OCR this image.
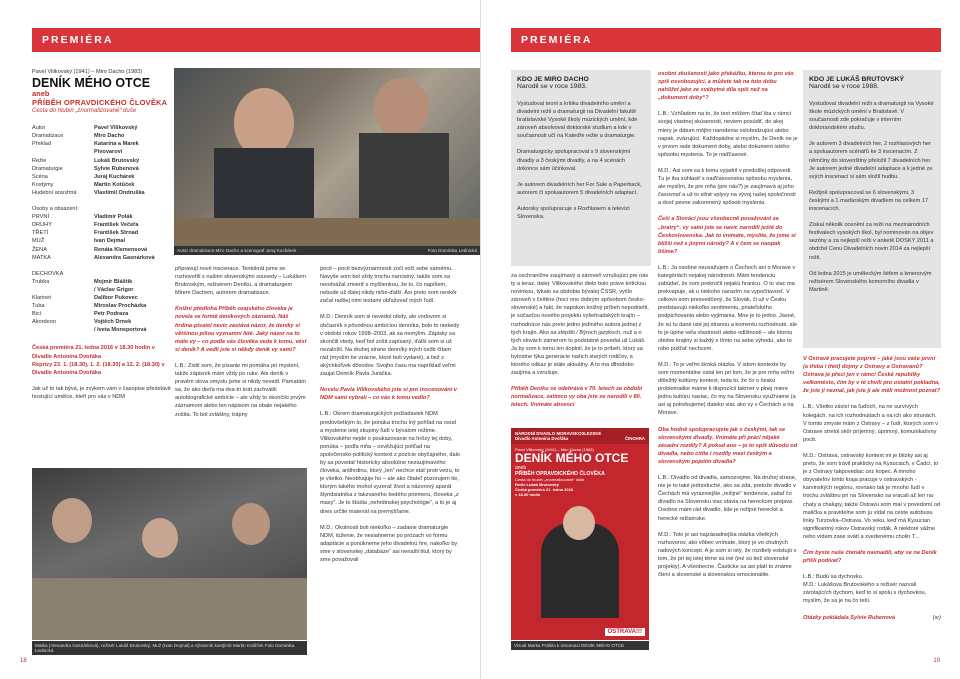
PREMIÉRA
Pavel Vilikovský (1941) – Miro Dacho (1983)
DENÍK MÉHO OTCE
aneb
PŘÍBĚH OPRAVDICKÉHO ČLOVĚKA
Cesta do hlubin „znormalizované“ duše
Autor	Pavel Vilikovský
Dramatizace	Miro Dacho
Překlad	Katarína a Marek
Pivovarovi
Režie	Lukáš Brutovský
Dramaturgie	Sylvie Rubenová
Scéna	Juraj Kuchárek
Kostýmy	Martin Kotůček
Hudební aranžmá	Vlastimil Ondruška
Osoby a obsazení:
PRVNÍ	Vladimír Polák
DRUHÝ	František Večeřa
TŘETÍ	František Strnad
MUŽ	Ivan Dejmal
ŽENA	Renáta Klemensová
MATKA	Alexandra Gasnárková
DECHOVKA
Trubka	Mojmír Bláštík
/ Václav Grigor
Klarinet	Dalibor Pukovec
Tuba	Miroslav Procházka
Bicí	Petr Podraza
Akordeon	Vojtěch Drnek
/ Iveta Monsportová
Česká premiéra 21. ledna 2016 v 18.30 hodin v Divadle Antonína Dvořáka
Reprízy 23. 1. (18.30), 1. 2. (18.30) a 12. 2. (18.30) v Divadle Antonína Dvořáka
Jak už to tak bývá, je zvykem vám v časopise představit hostující umělce, kteří pro vás v NDM
Autor dramatizace Miro Dacho a scenograf Juraj Kuchárek	Foto Dominika Lednická

připravují nové inscenace. Tentokrát jsme se rozhovořili s našimi slovenskými sousedy – Lukášem Brutovským, režisérem Deníku, a dramaturgem Mirem Dachem, autorem dramatizace.

Knižní předloha Příběh ozajského človeka je novela ve formě deníkových záznamů. Náš hrdina-pisatel nevic zastává názor, že deníky si většinou píšou významní lidé. Jaký názor na to máte vy – co podle vás člověka vede k tomu, vést si deník? A vedli jste si někdy deník vy sami?

L.B.: Zistil som, že písanie mi pomáha pri myslení, takže zápisník mám vždy po ruke. Ale deník v pravém slova smyslu jsme si nikdy nevedl. Pamatám sa, že ako dieťa ma dva-tri krát zachvátili autobiografické ambície – ale vždy to skončilo prvým záznamom alebo len nápisom na obale nejakého zošita. To bol zvláštny, trápny

pocit – pocit bezvýznamnosti zoči voči sebe samému. Navyše som bol vždy trochu narcistný, takže som sa neodvážal zmieriť s myšlienkou, že to, čo napíšem, nebude už ďalej nikdy ničie-ďalší. Asi preto som neskôr začal radšej nimi textami obľažovať iných ľudí.

M.D.: Denník som si nevedol nikdy, ale vodovom si občasník s pôvodnou ambíciou denníka, bolo to niekedy v období rokov 1998–2003, ak sa nemýlim. Zápisky sa skončili vtedy, keď bol zošit zapísaný, ďalší som si už nezaložil. Na druhej strane denníky iných osôb čítam rád (myslím tie vzácne, ktoré boli vydané), a tiež z akýchkoľvek dôvodov. Svojho času ma napríklad veľmi zaujal Denník Pavla Juráčka.

Novelu Pavla Vilikovského jste si pro inscenování v NDM sami vybrali – co vás k tomu vedlo?

L.B.: Okrem dramaturgických požiadaviek NDM predovšetkým to, že ponúka trochu iný pohľad na osud a myslenie istej skupiny ľudí v bývalom režime. Vilikovského nejde o poukazovanie na hrôzy tej doby, ponúka – podľa mňa – osvěžujúci pohľad na spoločensko-politický kontext z pozície obyčajného, dalo by sa povedať historicky absolútne nezaujímavého človeka, antihrdinu, ktorý „len“ nechce stáť proti vetru, to je všetko. Neobhajuje ho – ale ako čitateľ pozorujem tie, ktorým takého mohol vyzerať život a názorový aparát štyridsiatnika z takzvaného šedého priemeru, človeka „z masy“. Je to štúdia „nehrdinskej psychológie“, a to je aj dnes určite materiál na premýšľanie.

M.D.: Okolnosti boli niekoľko – zadanie dramaturgie NDM, túženie, že nesiahneme po prózach vo formu adaptácie a ponúkneme jeho divadelnú hre, nakoľko by sme v slovenskej „databáze“ asi nenašli titul, ktorý by sme považovali

Matka (Alexandra Gasnárková), režisér Lukáš Brutovský, Muž (Ivan Dejmal) a výtvarník kostýmů Martin Kotůček Foto Dominika Lednická
18
PREMIÉRA
KDO JE MIRO DACHO
Narodil se v roce 1983.

Vystudoval teorii a kritiku divadelního umění a divadelní režii a dramaturgii na Divadelní fakultě bratislavské Vysoké školy múzických umění, kde zároveň absolvoval doktorské studium a kde v současnosti učí na Katedře režie a dramaturgie.

Dramaturgicky spolupracoval s 9 slovenskými divadly a 3 českými divadly, a na 4 scénách dokonce sám účinkoval.

Je autorem divadelních her For Sale a Paperback, autorem či spoluautorem 5 divadelních adaptací.

Autorsky spolupracuje s Rozhlasem a televízí Slovenska.

za cechranične zaujímavý a zároveň vzrušujúci pre nás ty a teraz, dalej: Vilikovského dielo bolo práve kritickou novinkou, týkalo sa obdobia bývalej ČSSR, vyšlo zároveň v češtine (hoci ono dobrým spôsobom česko-slovenské) a fakt, že napokon knižný príbeh nepodnetil, je súčasťou nového projektu vyšehradských krajín – rozhodnúce nás preto jedno jediného autora jednej z tých krajín. Ako sa zlépšili / Býroch jazykoch, nuž a o tých slovách zámerom to podstatné povedal už Lukáš. Ja by som k tomu len doplnil, že je to príbeh, ktorý sa bytostne týka generácie našich starých rodičov, a ktorého odkaz je stále aktuálny. A to ma dlhodobo zaujíma a vzrušuje.

Příběh Deníku se odehrává v 70. letech za období normalizace, zatímco vy oba jste se narodili v 80. letech. Vnímáte absenci

NÁRODNÍ DIVADLO MORAVSKOSLEZSKÉ
Divadlo Antonína Dvořáka	ČINOHRA
Pavel Vilikovský (1941) – Miro Dacho (1983)
DENÍK MÉHO OTCE
aneb
PŘÍBĚH OPRAVDICKÉHO ČLOVĚKA
Cesta do hlubin „znormalizované“ duše
Režie Lukáš Brutovský
Česká premiéra 21. ledna 2016
v 18.30 hodin
OSTRAVA!!!
Vizuál Marka Prášila k inscenaci DENÍK MÉHO OTCE

osobní zkušenosti jako překážku, kterou to pro vás spíš osvobozující, a můžete tak na tuto dobu nahlížet jako ze svébytné díla spíš než na „dokument doby“?

L.B.: Vzhľadom na to, že text môžem čítať iba v rámci svojej vlastnej skúsenosti, neviem posúdiť, do akej miery je dátum môjho narodenia oslobodzujúci alebo napak, zväzujúci. Každopádne si myslím, že Deník ne je v prvom rade dokument doby, alebo dokument istého spôsobu myslenia. To je naďčasové.

M.D.: Asi som sa k tomu vyjadril v predošlej odpovedi. Tu je iba súhlasiť s naďčasovostou spôsobu myslenia, ale myslím, že pre mňa (pre nás?) je zaujímavá aj jeho časovosť a už to silné vplyvy na vývoj našej spoločnosti a dosť pevne zakorenený spôsob myslenia.

Češi a Slováci jsou všeobecně považováni za „bratry“, vy sami jste se navíc narodili ještě do Československa. Jak to vnímáte, myslíte, že jsme si bližší než s jinými národy? A v čem se naopak lišíme?

L.B.: Ja osobne neuvažujem o Čechoch ani o Morave v kategóriách nejakej národnosti. Mám tendenciu zabúdať, že som prekročil nejakú hranicu. O to viac ma prekvapuje, ak u niekoho narazím na vypočítavosť. V celkovo som presvedčený, že Slovák, či už v Česku predstavujú niekoľko sentimentu, priateľského podpichovania alebo vyjímania. Mne je to jedno. Jasné, že sú tu dané isté jej stranou a komentu rozhodnuté, ale to je úplne veľa vlastností alebo odlišností – ale ktorou obidve krajiny si každý s tímto na sebe výhodu, ako to robo púšťať nechcem.

M.D.: To je veľmi široká otázka. V istom kontexte by som momentálne ostal len pri tom, že je pre mňa veľmi dôležitý kultúrny kontext, teda to, že čo o českú problematike máme k dispozícii takmer v plnej miere jednu kultúru naviac, čo my na Slovensku využívame (a asi aj potrebujeme) dateko viac ako vy v Čechách a na Morave.

Oba hodně spolupracujete jak s českými, tak se slovenskými divadly. Vnímáte při práci nějaké zásadní rozdíly? A pokud ano – je to spíš důvodu od divadla, nebo cítíte i rozdíly mezi českým a slovenským pojetím divadla?

L.B.: Divadlo od divadla, samozrejme. Na druhej strane, nie je to také jednoduché, ako sa zdá, pretože divadlo v Čechách má vyrazniejšie „režijné“ tendencie, zatiaľ čo divadlo na Slovensku viac stavia na hereckom prejave. Osobne mám rád divadlo, kde je režijné herecké a herecké režisérske.

M.D.: Toto je asi najzásadnejšia otázka všetkých rozhovorov, ako vôbec vnímate, ktorý je vo chutných radových koncept. A je som si istý, že rozdiely existujú v tom, že pri tej istej téme sú iné (iné sú tiež slovenské projekty). A všeobecne. Časticke sa asi platí to známe čtení a slovenské a slovenskou emocionalite.

KDO JE LUKÁŠ BRUTOVSKÝ
Narodil se v roce 1988.

Vystudoval divadelní režii a dramaturgii na Vysoké škole múzických umění v Bratislavě. V současnosti zde pokračuje v interním doktorandském studiu.

Je autorem 3 divadelních her, 2 rozhlasových her a spoluautorem scénářů ke 3 inscenacím. Z němčiny do slovenštiny přeložil 7 divadelních her. Je autorem jedné divadelní adaptace a k jedné ze svých inscenací si sám složil hudbu.

Režijně spolupracoval se 6 slovenskými, 3 českými a 1 maďarským divadlem na celkem 17 inscenacích.

Získal několik ocenění za režii na mezinárodních festivalech vysokých škol, byl nominován na objev sezóny a za nejlepší režii v anketě DOSKY 2011 a obdržel Cenu Divadelních novin 2014 za nejlepší režii.

Od ledna 2015 je uměleckým šéfem a kmenovým režisérem Slovenského komorního divadla v Martině.

V Ostravě pracujete poprvé – jaké jsou vaše první (a třeba i třetí) dojmy z Ostravy a Ostravanů? Ostrava je přeci jen v rámci České republiky velkoměsto, čím by v té chvíli pro ostatní pokladna, že jste ji neznal, jak jste ji ale měli možnost poznat?

L.B.: Všetko závisí na ľuďoch, na ne survívých kolegách, na ich rozhodnutiach a na ich ako strunách. V tomto zmysle mám z Ostravy – z ľudí, ktorých som v Ostrave stretol skôr príjemný, úprimný, komunikatívny pocit.

M.D.: Ostrava, ostravský kontext mi je blízky asi aj preto, že som trávil prakticky na Kysuciach, v Čadci, to je z Ostravy takpovediac cez kopec. A mnoho obyvateľov tohto kraja pracuje v ostravských -karvinských regiónu, rovnako tak je mnoho ľudí v trochu zvláštnu pri na Slovensko sa vracali až len na chaty a chalupy, takže Ostravu som mal v povedomí od malička a pravidelne som ju vídal na ceste autobusu linky Turzovka–Ostrava. Vo veku, keď má Kysucian signifikantný rokov Ostravský rodák. A niektoré vážne nebo vídam zase svátí a zvedenému cholin T...

Čím byste naše čtenáře navnadili, aby se na Deník přišli podívat?

L.B.: Budú sa dychovku.

M.D.: Lukášova Brutovského s režisér nazvali zárotajících dychom, keď to si spolu s dychovkou, myslím, že sa je na čo teší.

Otázky pokládala Sylvie Rubenová	(sr)
19
